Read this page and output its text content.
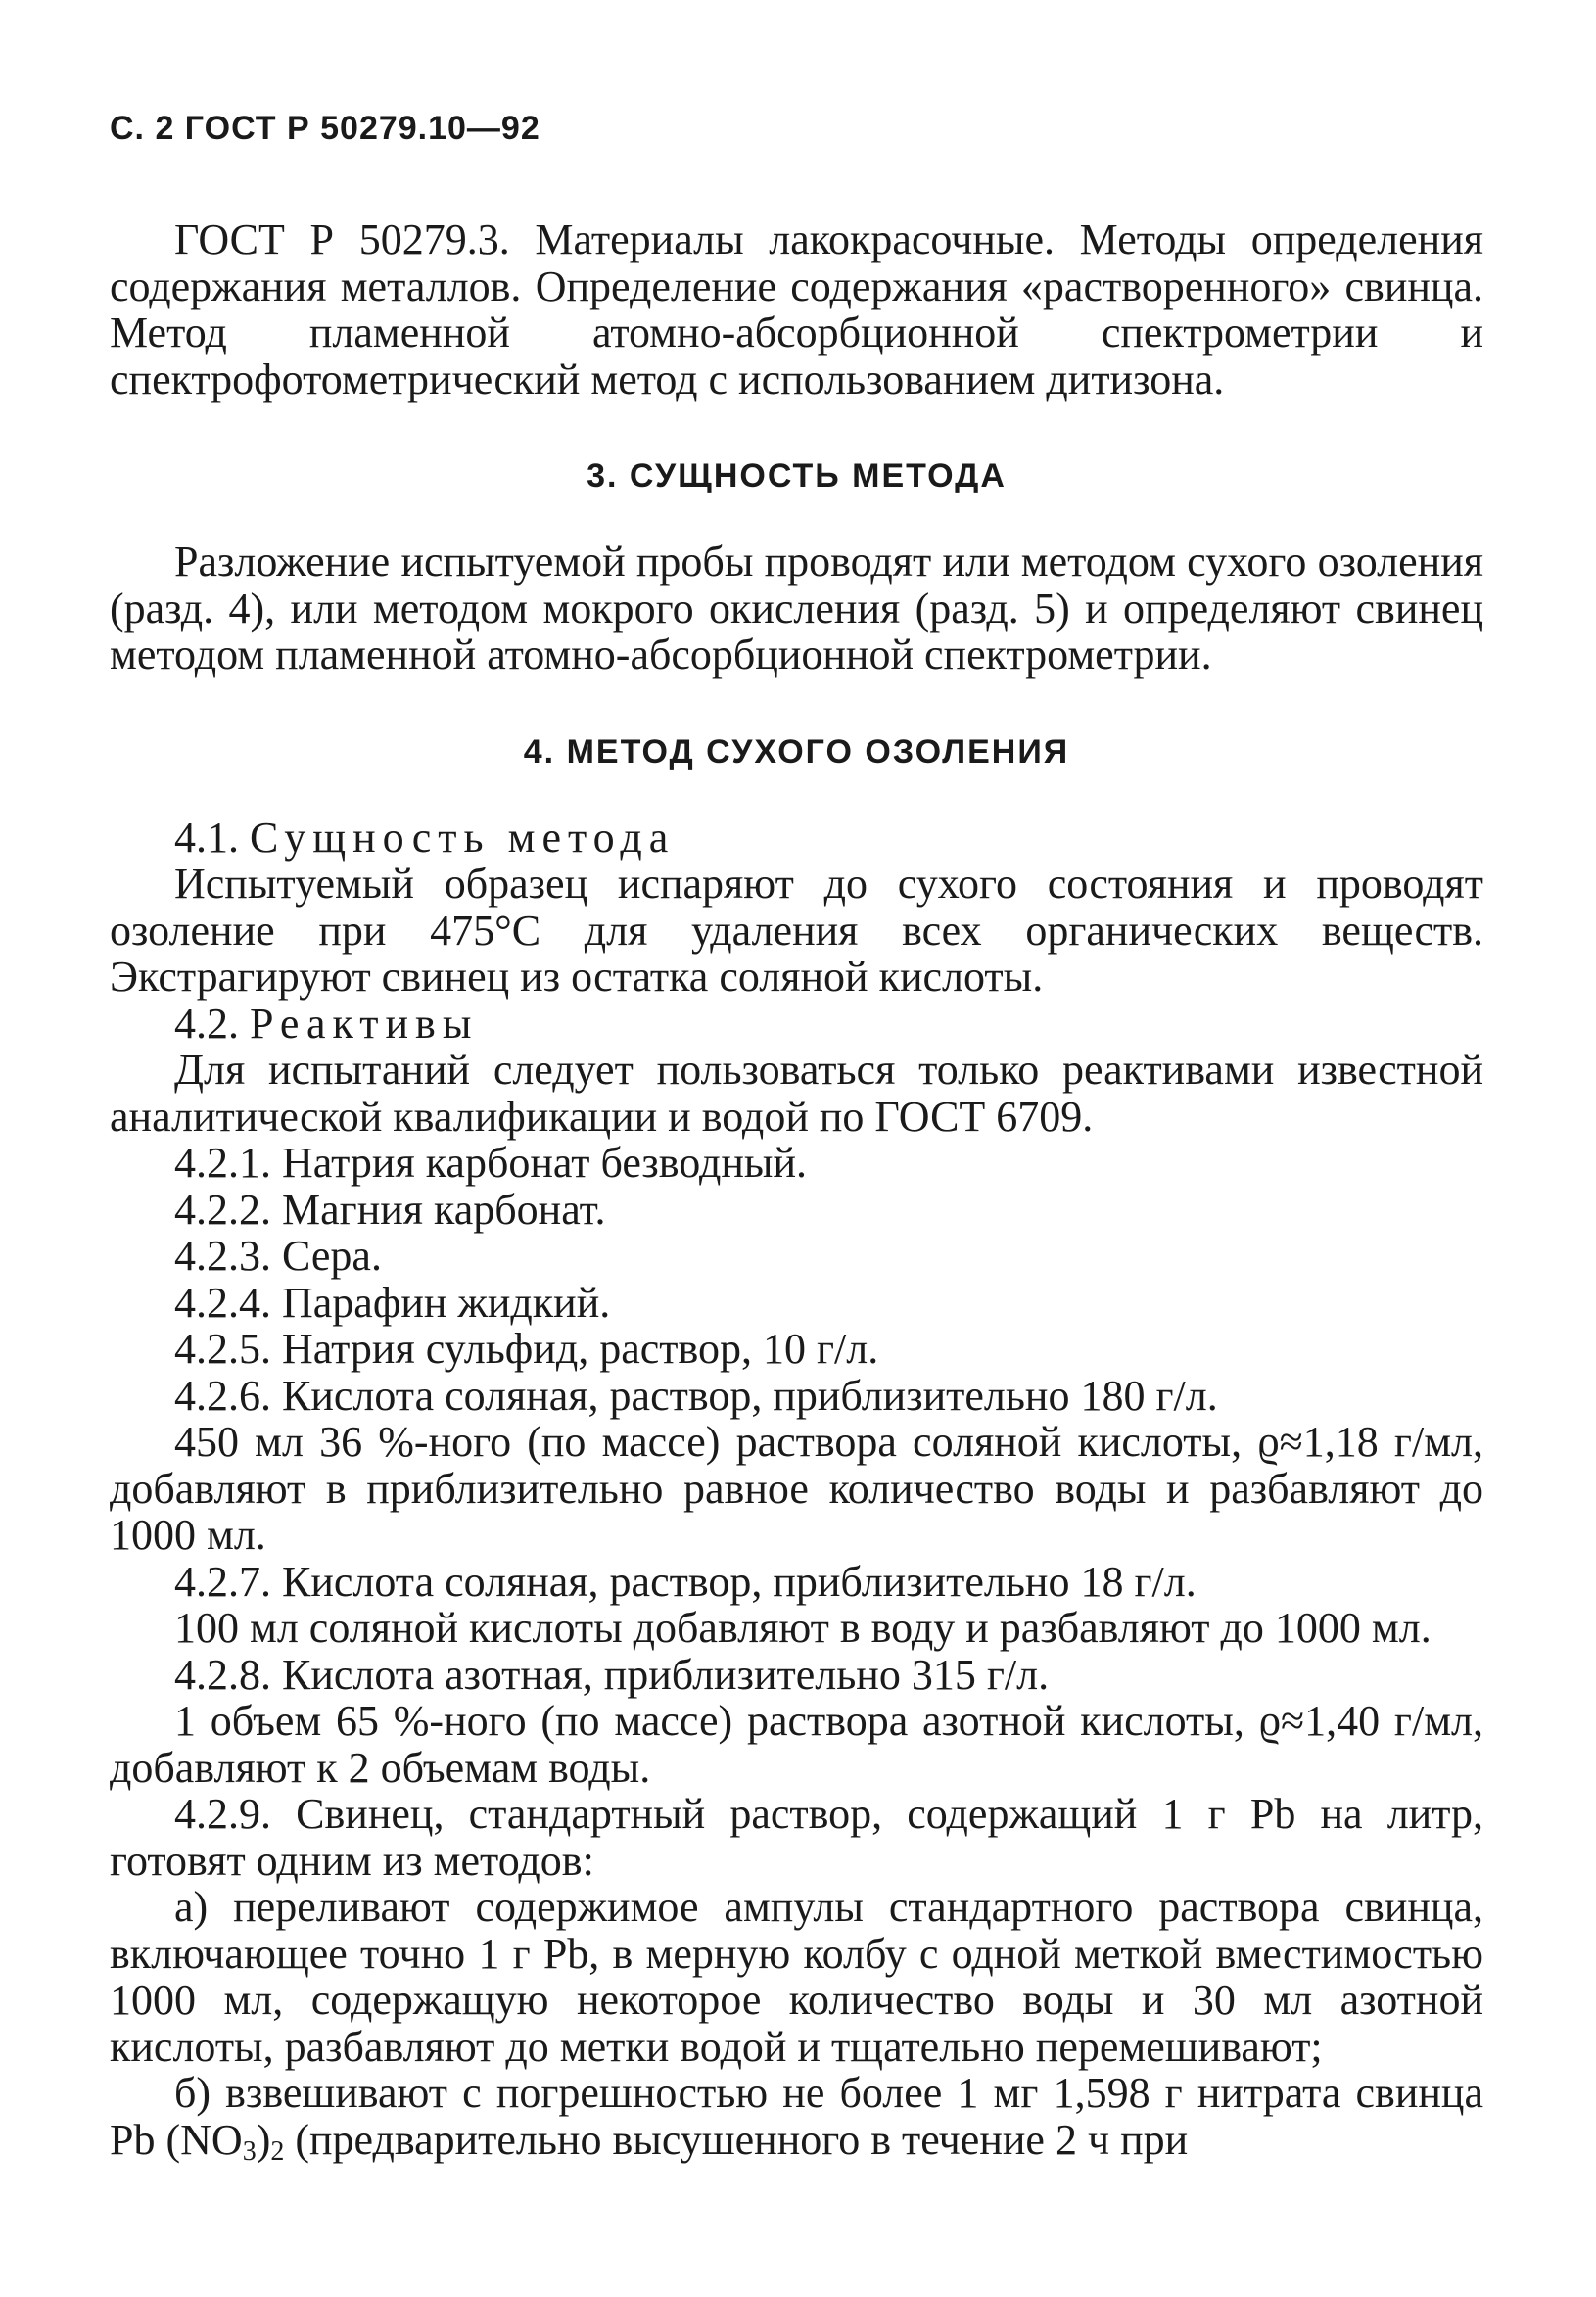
С. 2 ГОСТ Р 50279.10—92

ГОСТ Р 50279.3. Материалы лакокрасочные. Методы определения содержания металлов. Определение содержания «растворенного» свинца. Метод пламенной атомно-абсорбционной спектрометрии и спектрофотометрический метод с использованием дитизона.

3. СУЩНОСТЬ МЕТОДА

Разложение испытуемой пробы проводят или методом сухого озоления (разд. 4), или методом мокрого окисления (разд. 5) и определяют свинец методом пламенной атомно-абсорбционной спектрометрии.

4. МЕТОД СУХОГО ОЗОЛЕНИЯ
4.1. Сущность метода

Испытуемый образец испаряют до сухого состояния и проводят озоление при 475°С для удаления всех органических веществ. Экстрагируют свинец из остатка соляной кислоты.

4.2. Реактивы

Для испытаний следует пользоваться только реактивами известной аналитической квалификации и водой по ГОСТ 6709.

4.2.1. Натрия карбонат безводный.
4.2.2. Магния карбонат.
4.2.3. Сера.
4.2.4. Парафин жидкий.
4.2.5. Натрия сульфид, раствор, 10 г/л.
4.2.6. Кислота соляная, раствор, приблизительно 180 г/л.

450 мл 36 %-ного (по массе) раствора соляной кислоты, ϱ≈1,18 г/мл, добавляют в приблизительно равное количество воды и разбавляют до 1000 мл.

4.2.7. Кислота соляная, раствор, приблизительно 18 г/л.

100 мл соляной кислоты добавляют в воду и разбавляют до 1000 мл.

4.2.8. Кислота азотная, приблизительно 315 г/л.

1 объем 65 %-ного (по массе) раствора азотной кислоты, ϱ≈1,40 г/мл, добавляют к 2 объемам воды.

4.2.9. Свинец, стандартный раствор, содержащий 1 г Pb на литр, готовят одним из методов:

а) переливают содержимое ампулы стандартного раствора свинца, включающее точно 1 г Pb, в мерную колбу с одной меткой вместимостью 1000 мл, содержащую некоторое количество воды и 30 мл азотной кислоты, разбавляют до метки водой и тщательно перемешивают;

б) взвешивают с погрешностью не более 1 мг 1,598 г нитрата свинца Pb $(NO_3)_2$ (предварительно высушенного в течение 2 ч при
